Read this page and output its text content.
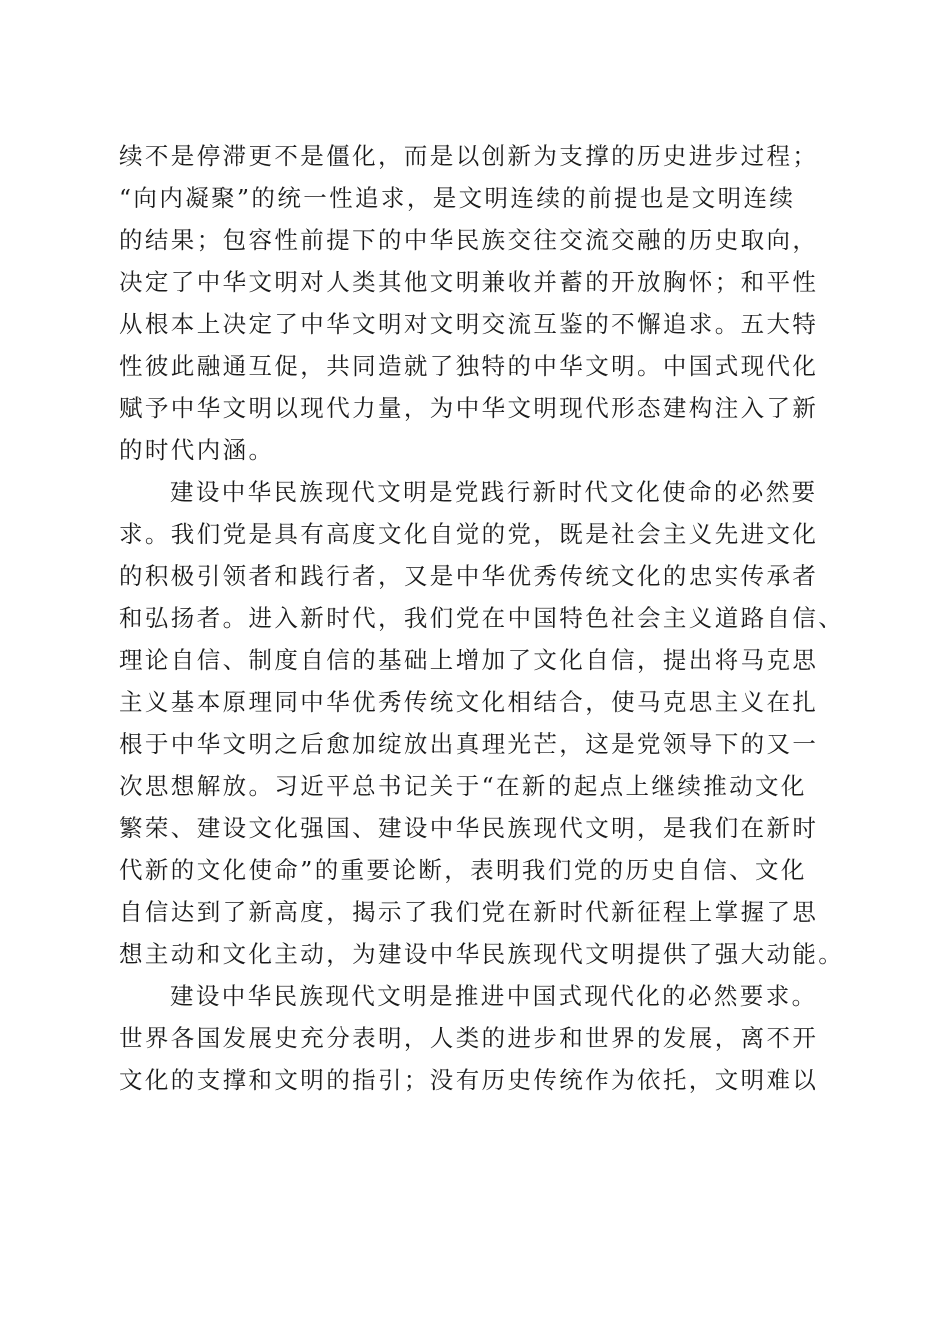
续不是停滞更不是僵化，而是以创新为支撑的历史进步过程；
“向内凝聚”的统一性追求，是文明连续的前提也是文明连续
的结果；包容性前提下的中华民族交往交流交融的历史取向，
决定了中华文明对人类其他文明兼收并蓄的开放胸怀；和平性
从根本上决定了中华文明对文明交流互鉴的不懈追求。五大特
性彼此融通互促，共同造就了独特的中华文明。中国式现代化
赋予中华文明以现代力量，为中华文明现代形态建构注入了新
的时代内涵。
建设中华民族现代文明是党践行新时代文化使命的必然要
求。我们党是具有高度文化自觉的党，既是社会主义先进文化
的积极引领者和践行者，又是中华优秀传统文化的忠实传承者
和弘扬者。进入新时代，我们党在中国特色社会主义道路自信、
理论自信、制度自信的基础上增加了文化自信，提出将马克思
主义基本原理同中华优秀传统文化相结合，使马克思主义在扎
根于中华文明之后愈加绽放出真理光芒，这是党领导下的又一
次思想解放。习近平总书记关于“在新的起点上继续推动文化
繁荣、建设文化强国、建设中华民族现代文明，是我们在新时
代新的文化使命”的重要论断，表明我们党的历史自信、文化
自信达到了新高度，揭示了我们党在新时代新征程上掌握了思
想主动和文化主动，为建设中华民族现代文明提供了强大动能。
建设中华民族现代文明是推进中国式现代化的必然要求。
世界各国发展史充分表明，人类的进步和世界的发展，离不开
文化的支撑和文明的指引；没有历史传统作为依托，文明难以
